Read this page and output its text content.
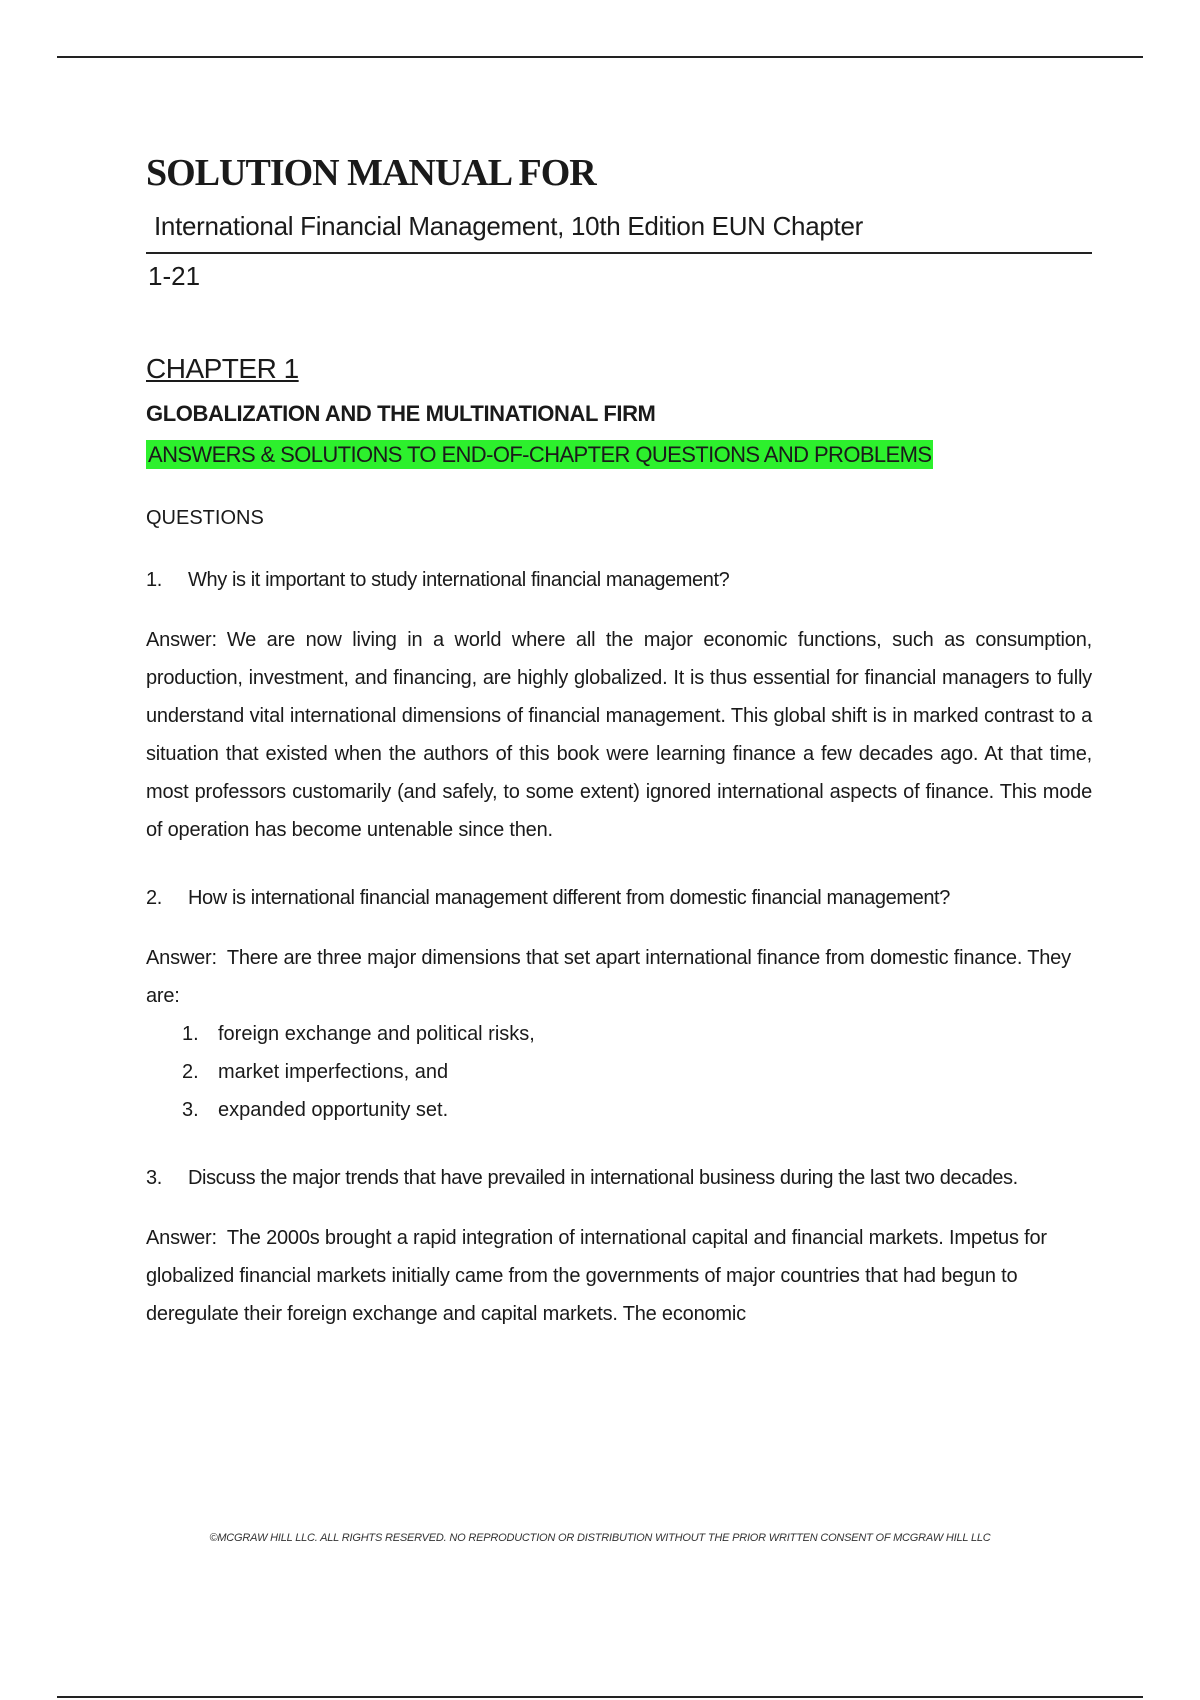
SOLUTION MANUAL FOR

International Financial Management, 10th Edition EUN Chapter

1-21

CHAPTER 1
GLOBALIZATION AND THE MULTINATIONAL FIRM
ANSWERS & SOLUTIONS TO END-OF-CHAPTER QUESTIONS AND PROBLEMS
QUESTIONS
1.	Why is it important to study international financial management?
Answer: We are now living in a world where all the major economic functions, such as consumption, production, investment, and financing, are highly globalized. It is thus essential for financial managers to fully understand vital international dimensions of financial management. This global shift is in marked contrast to a situation that existed when the authors of this book were learning finance a few decades ago. At that time, most professors customarily (and safely, to some extent) ignored international aspects of finance. This mode of operation has become untenable since then.
2.	How is international financial management different from domestic financial management?
Answer: There are three major dimensions that set apart international finance from domestic finance. They are:
1. foreign exchange and political risks,
2. market imperfections, and
3. expanded opportunity set.
3.	Discuss the major trends that have prevailed in international business during the last two decades.
Answer: The 2000s brought a rapid integration of international capital and financial markets. Impetus for globalized financial markets initially came from the governments of major countries that had begun to deregulate their foreign exchange and capital markets. The economic
©MCGRAW HILL LLC. ALL RIGHTS RESERVED. NO REPRODUCTION OR DISTRIBUTION WITHOUT THE PRIOR WRITTEN CONSENT OF MCGRAW HILL LLC
